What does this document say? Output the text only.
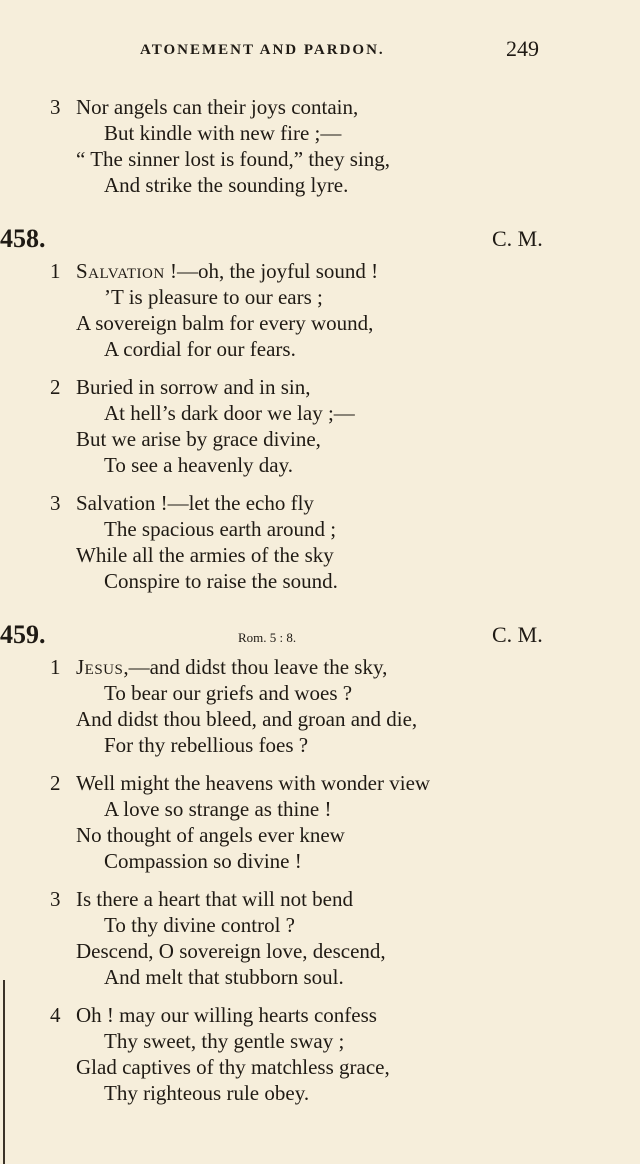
ATONEMENT AND PARDON.	249
3 Nor angels can their joys contain,
But kindle with new fire ;—
“ The sinner lost is found,” they sing,
And strike the sounding lyre.
458.	C. M.
1 Salvation !—oh, the joyful sound !
’T is pleasure to our ears ;
A sovereign balm for every wound,
A cordial for our fears.
2 Buried in sorrow and in sin,
At hell’s dark door we lay ;—
But we arise by grace divine,
To see a heavenly day.
3 Salvation !—let the echo fly
The spacious earth around ;
While all the armies of the sky
Conspire to raise the sound.
459.	Rom. 5 : 8.	C. M.
1 Jesus,—and didst thou leave the sky,
To bear our griefs and woes ?
And didst thou bleed, and groan and die,
For thy rebellious foes ?
2 Well might the heavens with wonder view
A love so strange as thine !
No thought of angels ever knew
Compassion so divine !
3 Is there a heart that will not bend
To thy divine control ?
Descend, O sovereign love, descend,
And melt that stubborn soul.
4 Oh ! may our willing hearts confess
Thy sweet, thy gentle sway ;
Glad captives of thy matchless grace,
Thy righteous rule obey.
